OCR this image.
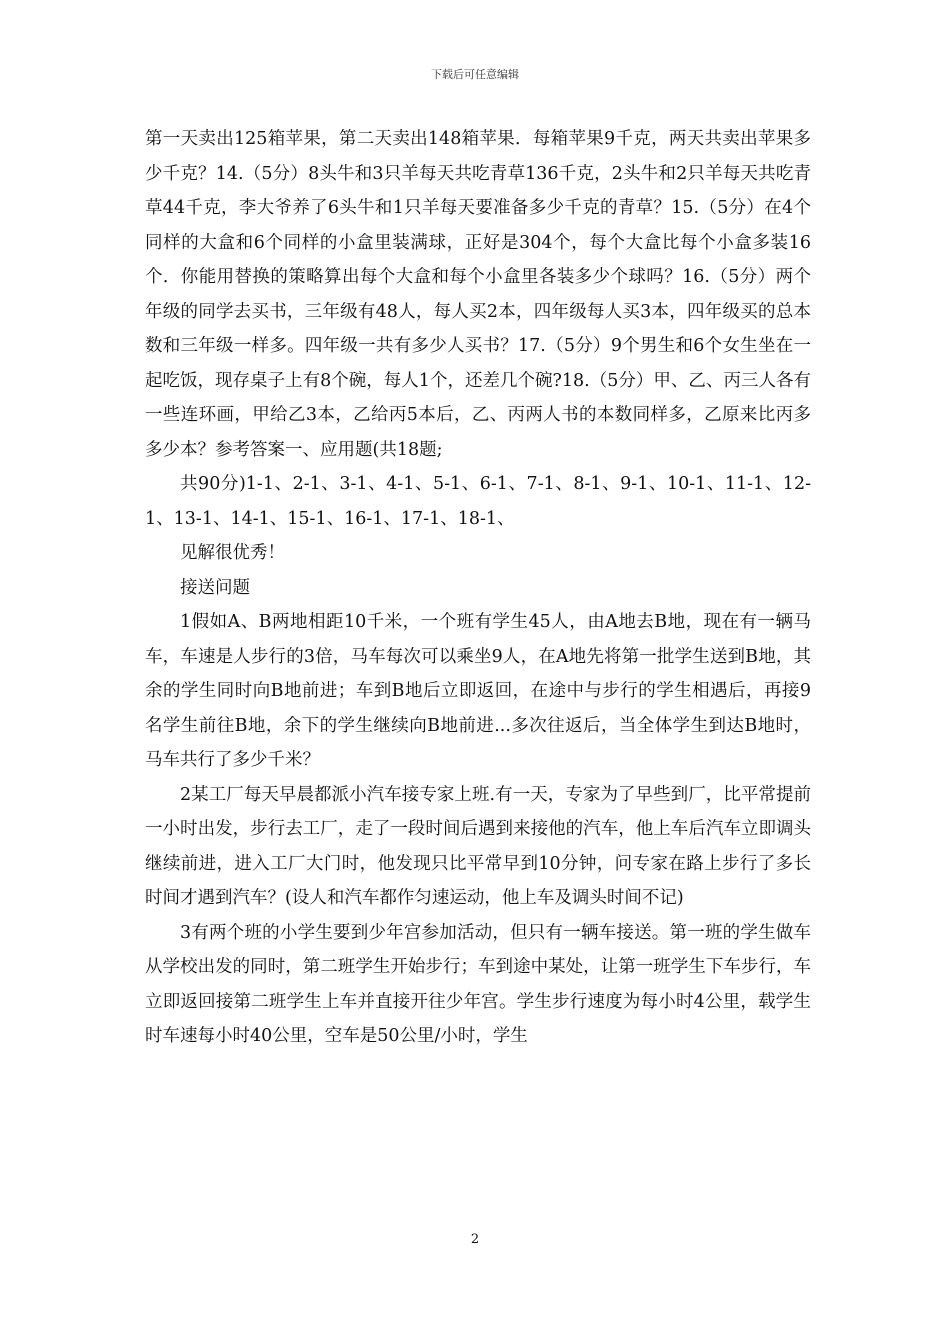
下载后可任意编辑

第一天卖出125箱苹果，第二天卖出148箱苹果．每箱苹果9千克，两天共卖出苹果多少千克？14.（5分）8头牛和3只羊每天共吃青草136千克，2头牛和2只羊每天共吃青草44千克，李大爷养了6头牛和1只羊每天要准备多少千克的青草？15.（5分）在4个同样的大盒和6个同样的小盒里装满球，正好是304个，每个大盒比每个小盒多装16个．你能用替换的策略算出每个大盒和每个小盒里各装多少个球吗？16.（5分）两个年级的同学去买书，三年级有48人，每人买2本，四年级每人买3本，四年级买的总本数和三年级一样多。四年级一共有多少人买书？17.（5分）9个男生和6个女生坐在一起吃饭，现存桌子上有8个碗，每人1个，还差几个碗?18.（5分）甲、乙、丙三人各有一些连环画，甲给乙3本，乙给丙5本后，乙、丙两人书的本数同样多，乙原来比丙多多少本？参考答案一、应用题(共18题;

共90分)1-1、2-1、3-1、4-1、5-1、6-1、7-1、8-1、9-1、10-1、11-1、12-1、13-1、14-1、15-1、16-1、17-1、18-1、

见解很优秀！

接送问题

1假如A、B两地相距10千米，一个班有学生45人，由A地去B地，现在有一辆马车，车速是人步行的3倍，马车每次可以乘坐9人，在A地先将第一批学生送到B地，其余的学生同时向B地前进；车到B地后立即返回，在途中与步行的学生相遇后，再接9名学生前往B地，余下的学生继续向B地前进...多次往返后，当全体学生到达B地时，马车共行了多少千米？

2某工厂每天早晨都派小汽车接专家上班.有一天，专家为了早些到厂，比平常提前一小时出发，步行去工厂，走了一段时间后遇到来接他的汽车，他上车后汽车立即调头继续前进，进入工厂大门时，他发现只比平常早到10分钟，问专家在路上步行了多长时间才遇到汽车？(设人和汽车都作匀速运动，他上车及调头时间不记)

3有两个班的小学生要到少年宫参加活动，但只有一辆车接送。第一班的学生做车从学校出发的同时，第二班学生开始步行；车到途中某处，让第一班学生下车步行，车立即返回接第二班学生上车并直接开往少年宫。学生步行速度为每小时4公里，载学生时车速每小时40公里，空车是50公里/小时，学生

2
